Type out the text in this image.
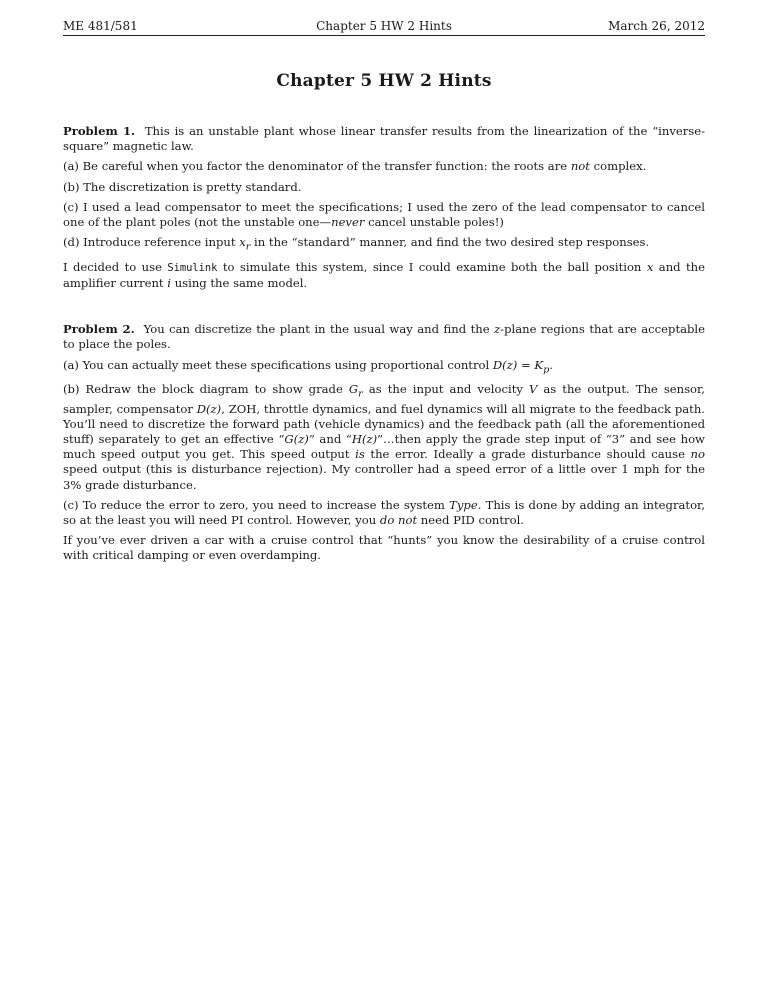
ME 481/581	Chapter 5 HW 2 Hints	March 26, 2012
Chapter 5 HW 2 Hints

Problem 1. This is an unstable plant whose linear transfer results from the linearization of the “inverse-square” magnetic law.

(a) Be careful when you factor the denominator of the transfer function: the roots are not complex.

(b) The discretization is pretty standard.

(c) I used a lead compensator to meet the specifications; I used the zero of the lead compensator to cancel one of the plant poles (not the unstable one—never cancel unstable poles!)

(d) Introduce reference input $x_r$ in the “standard” manner, and find the two desired step responses.

I decided to use Simulink to simulate this system, since I could examine both the ball position x and the amplifier current i using the same model.

Problem 2. You can discretize the plant in the usual way and find the z-plane regions that are acceptable to place the poles.

(a) You can actually meet these specifications using proportional control $D(z) = K_p$.

(b) Redraw the block diagram to show grade $G_r$ as the input and velocity V as the output. The sensor, sampler, compensator D(z), ZOH, throttle dynamics, and fuel dynamics will all migrate to the feedback path. You’ll need to discretize the forward path (vehicle dynamics) and the feedback path (all the aforementioned stuff) separately to get an effective “G(z)” and “H(z)”…then apply the grade step input of “3” and see how much speed output you get. This speed output is the error. Ideally a grade disturbance should cause no speed output (this is disturbance rejection). My controller had a speed error of a little over 1 mph for the 3% grade disturbance.

(c) To reduce the error to zero, you need to increase the system Type. This is done by adding an integrator, so at the least you will need PI control. However, you do not need PID control.

If you’ve ever driven a car with a cruise control that “hunts” you know the desirability of a cruise control with critical damping or even overdamping.
